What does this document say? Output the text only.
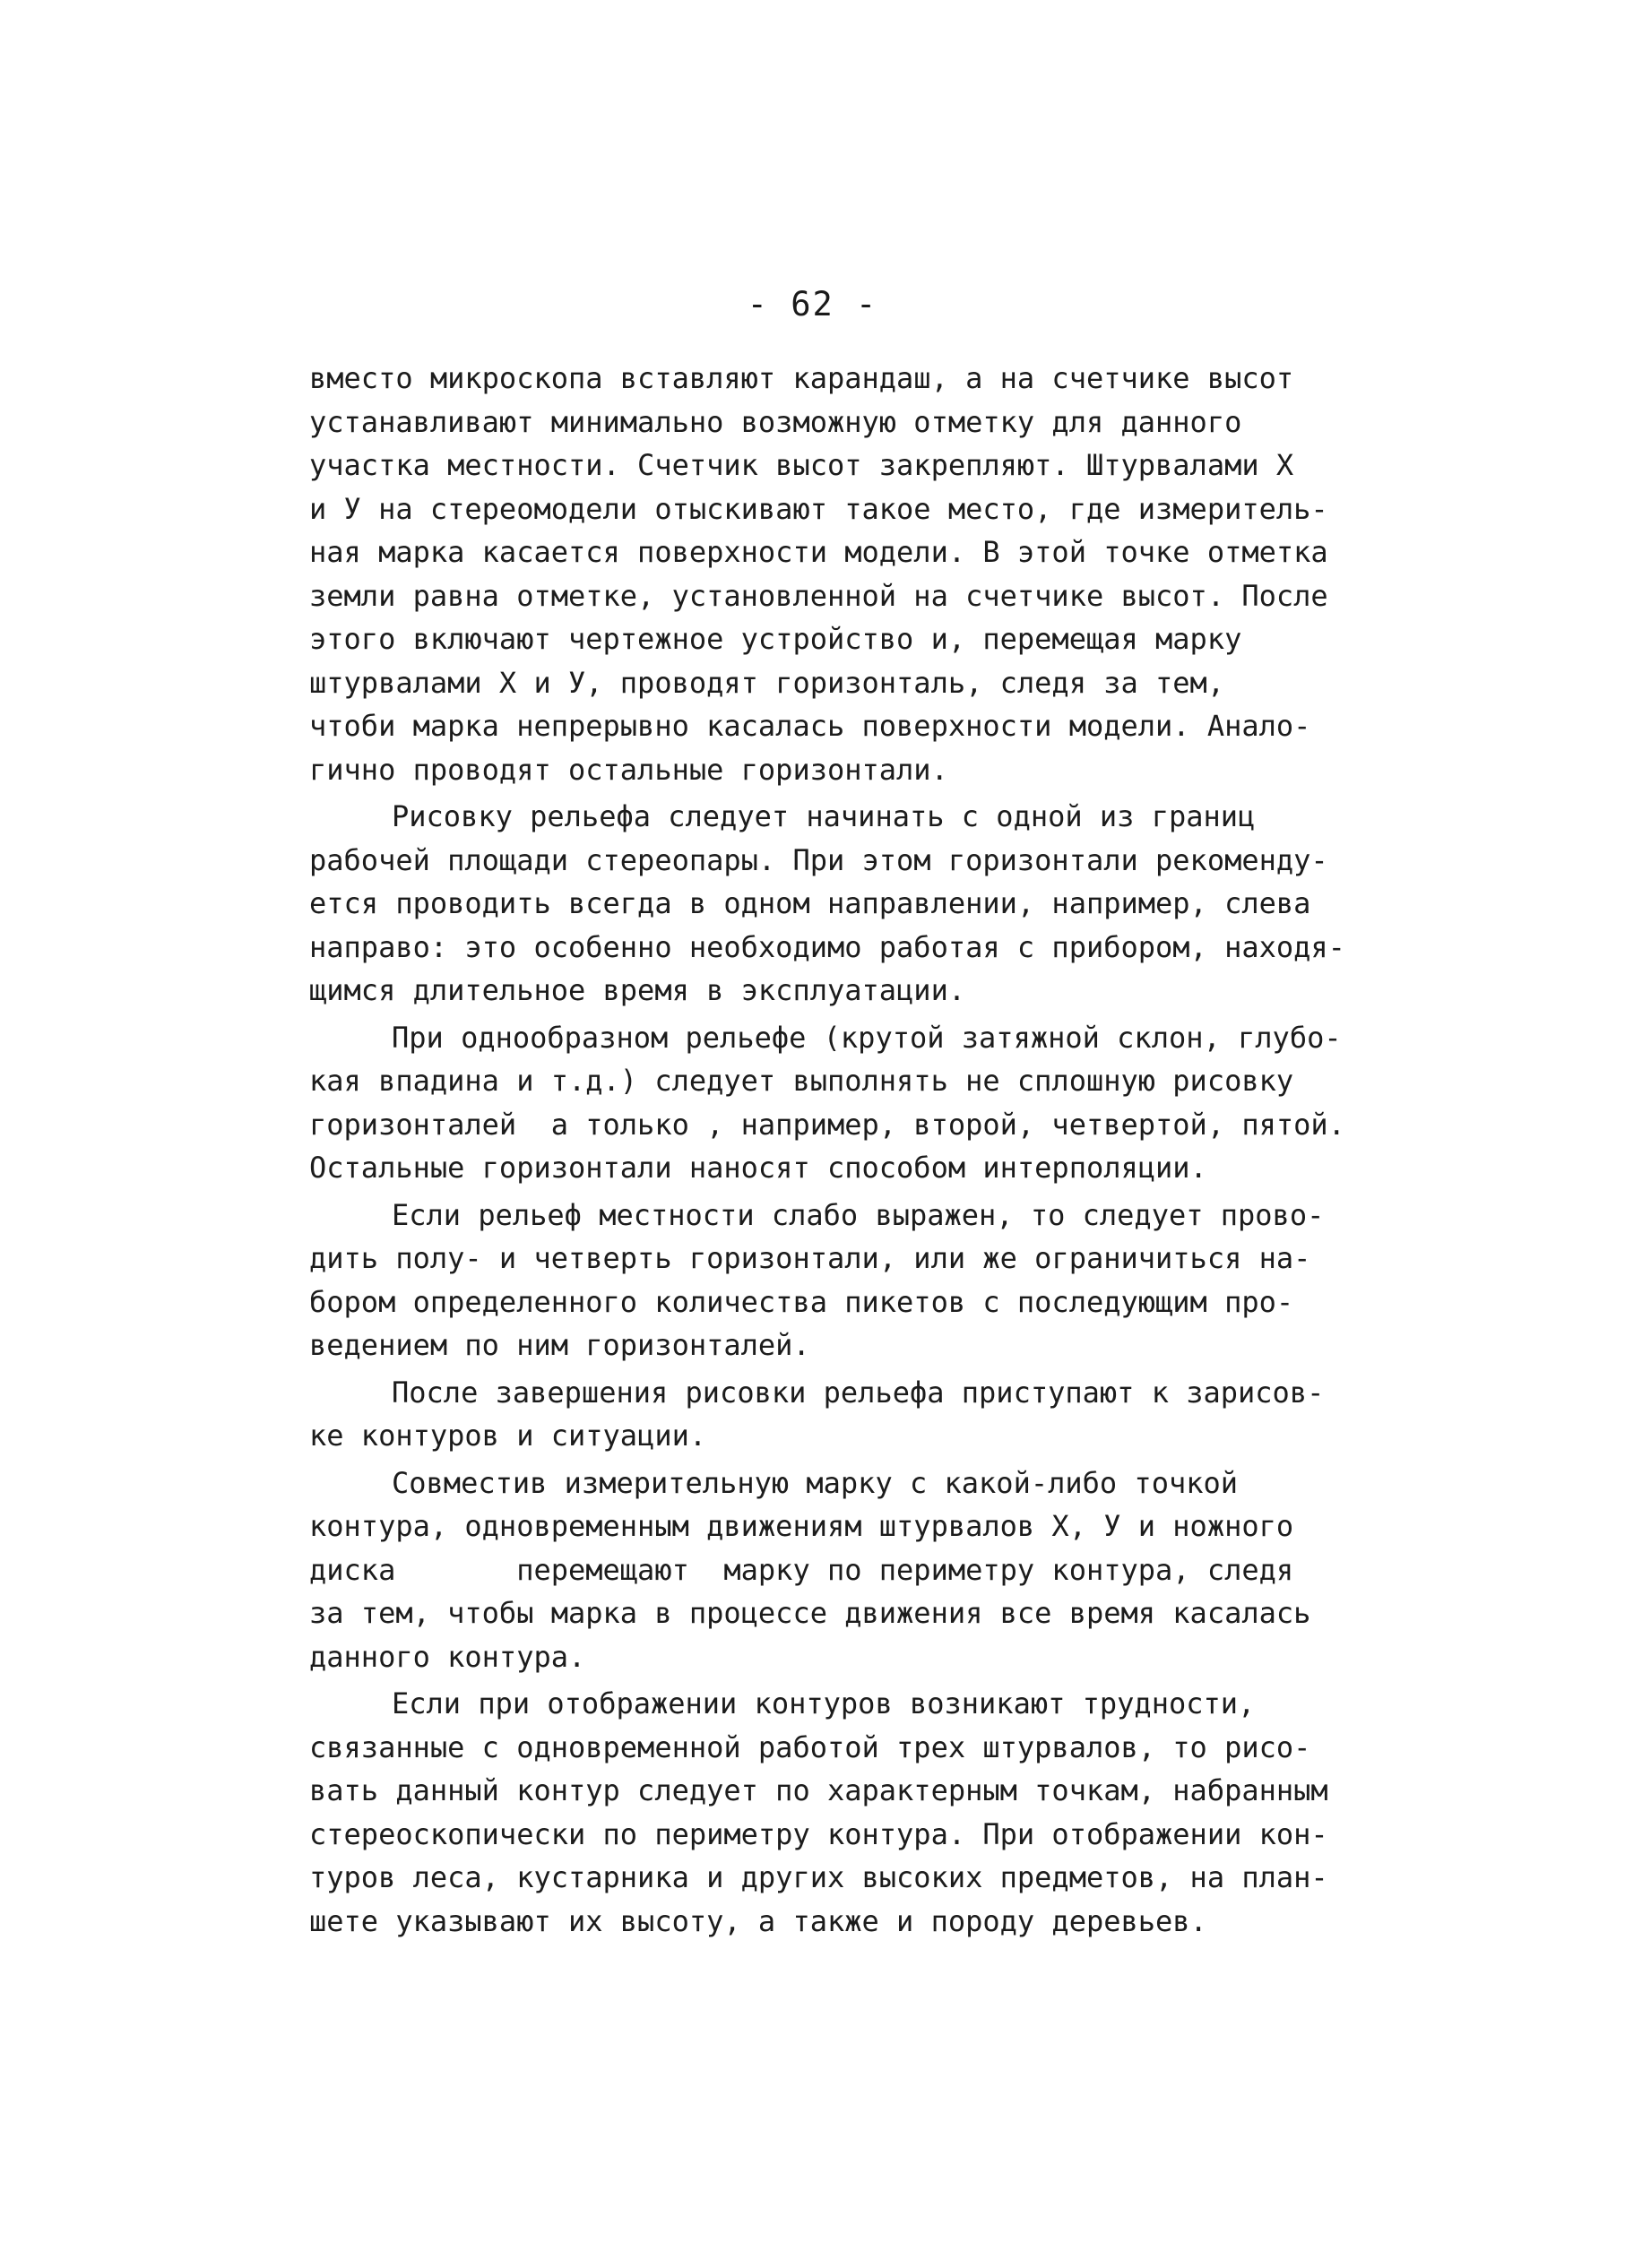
- 62 -

вместо микроскопа вставляют карандаш, а на счетчике высот
устанавливают минимально возможную отметку для данного
участка местности. Счетчик высот закрепляют. Штурвалами X
и У на стереомодели отыскивают такое место, где измеритель-
ная марка касается поверхности модели. В этой точке отметка
земли равна отметке, установленной на счетчике высот. После
этого включают чертежное устройство и, перемещая марку
штурвалами X и У, проводят горизонталь, следя за тем,
чтоби марка непрерывно касалась поверхности модели. Анало-
гично проводят остальные горизонтали.

Рисовку рельефа следует начинать с одной из границ
рабочей площади стереопары. При этом горизонтали рекоменду-
ется проводить всегда в одном направлении, например, слева
направо: это особенно необходимо работая с прибором, находя-
щимся длительное время в эксплуатации.

При однообразном рельефе (крутой затяжной склон, глубо-
кая впадина и т.д.) следует выполнять не сплошную рисовку
горизонталей  а только , например, второй, четвертой, пятой.
Остальные горизонтали наносят способом интерполяции.

Если рельеф местности слабо выражен, то следует прово-
дить полу- и четверть горизонтали, или же ограничиться на-
бором определенного количества пикетов с последующим про-
ведением по ним горизонталей.

После завершения рисовки рельефа приступают к зарисов-
ке контуров и ситуации.

Совместив измерительную марку с какой-либо точкой
контура, одновременным движениям штурвалов X, У и ножного
диска       перемещают  марку по периметру контура, следя
за тем, чтобы марка в процессе движения все время касалась
данного контура.

Если при отображении контуров возникают трудности,
связанные с одновременной работой трех штурвалов, то рисо-
вать данный контур следует по характерным точкам, набранным
стереоскопически по периметру контура. При отображении кон-
туров леса, кустарника и других высоких предметов, на план-
шете указывают их высоту, а также и породу деревьев.
